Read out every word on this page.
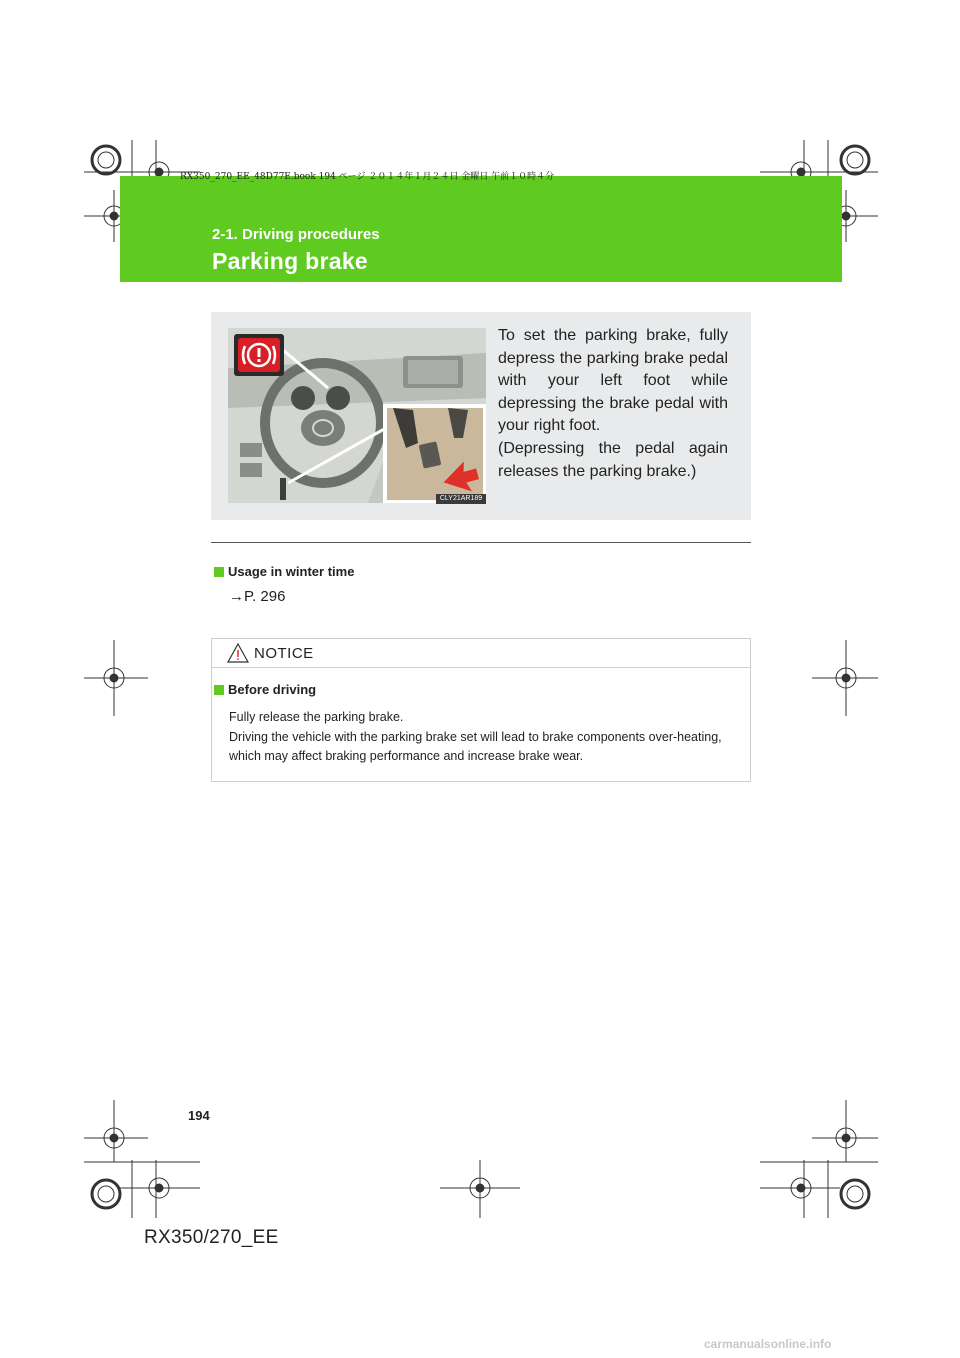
RX350_270_EE_48D77E.book 194 ページ ２０１４年１月２４日 金曜日 午前１０時４分
2-1. Driving procedures
Parking brake
CLY21AR189

To set the parking brake, fully depress the parking brake pedal with your left foot while depressing the brake pedal with your right foot.

(Depressing the pedal again releases the parking brake.)

Usage in winter time
→P. 296
NOTICE
Before driving

Fully release the parking brake.

Driving the vehicle with the parking brake set will lead to brake components over-heating, which may affect braking performance and increase brake wear.

194
RX350/270_EE
carmanualsonline.info
